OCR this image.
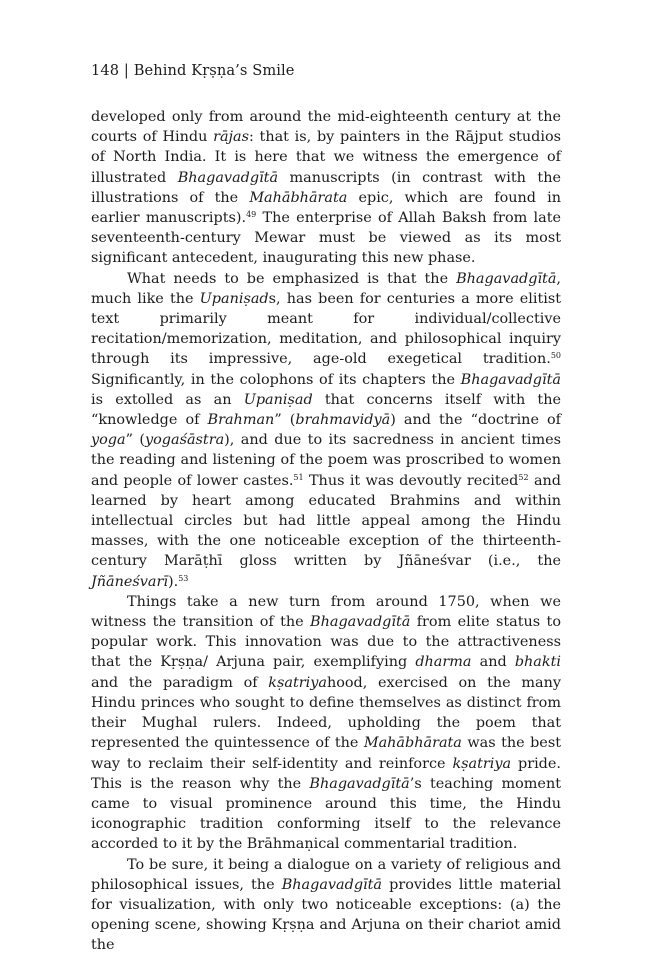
148 | Behind Kṛṣṇa’s Smile

developed only from around the mid-eighteenth century at the courts of Hindu rājas: that is, by painters in the Rājput studios of North India. It is here that we witness the emergence of illustrated Bhagavadgītā manuscripts (in contrast with the illustrations of the Mahābhārata epic, which are found in earlier manuscripts).$^{49}$ The enterprise of Allah Baksh from late seventeenth-century Mewar must be viewed as its most significant antecedent, inaugurating this new phase.

What needs to be emphasized is that the Bhagavadgītā, much like the Upaniṣads, has been for centuries a more elitist text primarily meant for individual/collective recitation/memorization, meditation, and philosophical inquiry through its impressive, age-old exegetical tradition.$^{50}$ Significantly, in the colophons of its chapters the Bhagavadgītā is extolled as an Upaniṣad that concerns itself with the “knowledge of Brahman” (brahmavidyā) and the “doctrine of yoga” (yogaśāstra), and due to its sacredness in ancient times the reading and listening of the poem was proscribed to women and people of lower castes.$^{51}$ Thus it was devoutly recited$^{52}$ and learned by heart among educated Brahmins and within intellectual circles but had little appeal among the Hindu masses, with the one noticeable exception of the thirteenth-century Marāṭhī gloss written by Jñāneśvar (i.e., the Jñāneśvarī).$^{53}$

Things take a new turn from around 1750, when we witness the transition of the Bhagavadgītā from elite status to popular work. This innovation was due to the attractiveness that the Kṛṣṇa/ Arjuna pair, exemplifying dharma and bhakti and the paradigm of kṣatriyahood, exercised on the many Hindu princes who sought to define themselves as distinct from their Mughal rulers. Indeed, upholding the poem that represented the quintessence of the Mahābhārata was the best way to reclaim their self-identity and reinforce kṣatriya pride. This is the reason why the Bhagavadgītā’s teaching moment came to visual prominence around this time, the Hindu iconographic tradition conforming itself to the relevance accorded to it by the Brāhmaṇical commentarial tradition.

To be sure, it being a dialogue on a variety of religious and philosophical issues, the Bhagavadgītā provides little material for visualization, with only two noticeable exceptions: (a) the opening scene, showing Kṛṣṇa and Arjuna on their chariot amid the
